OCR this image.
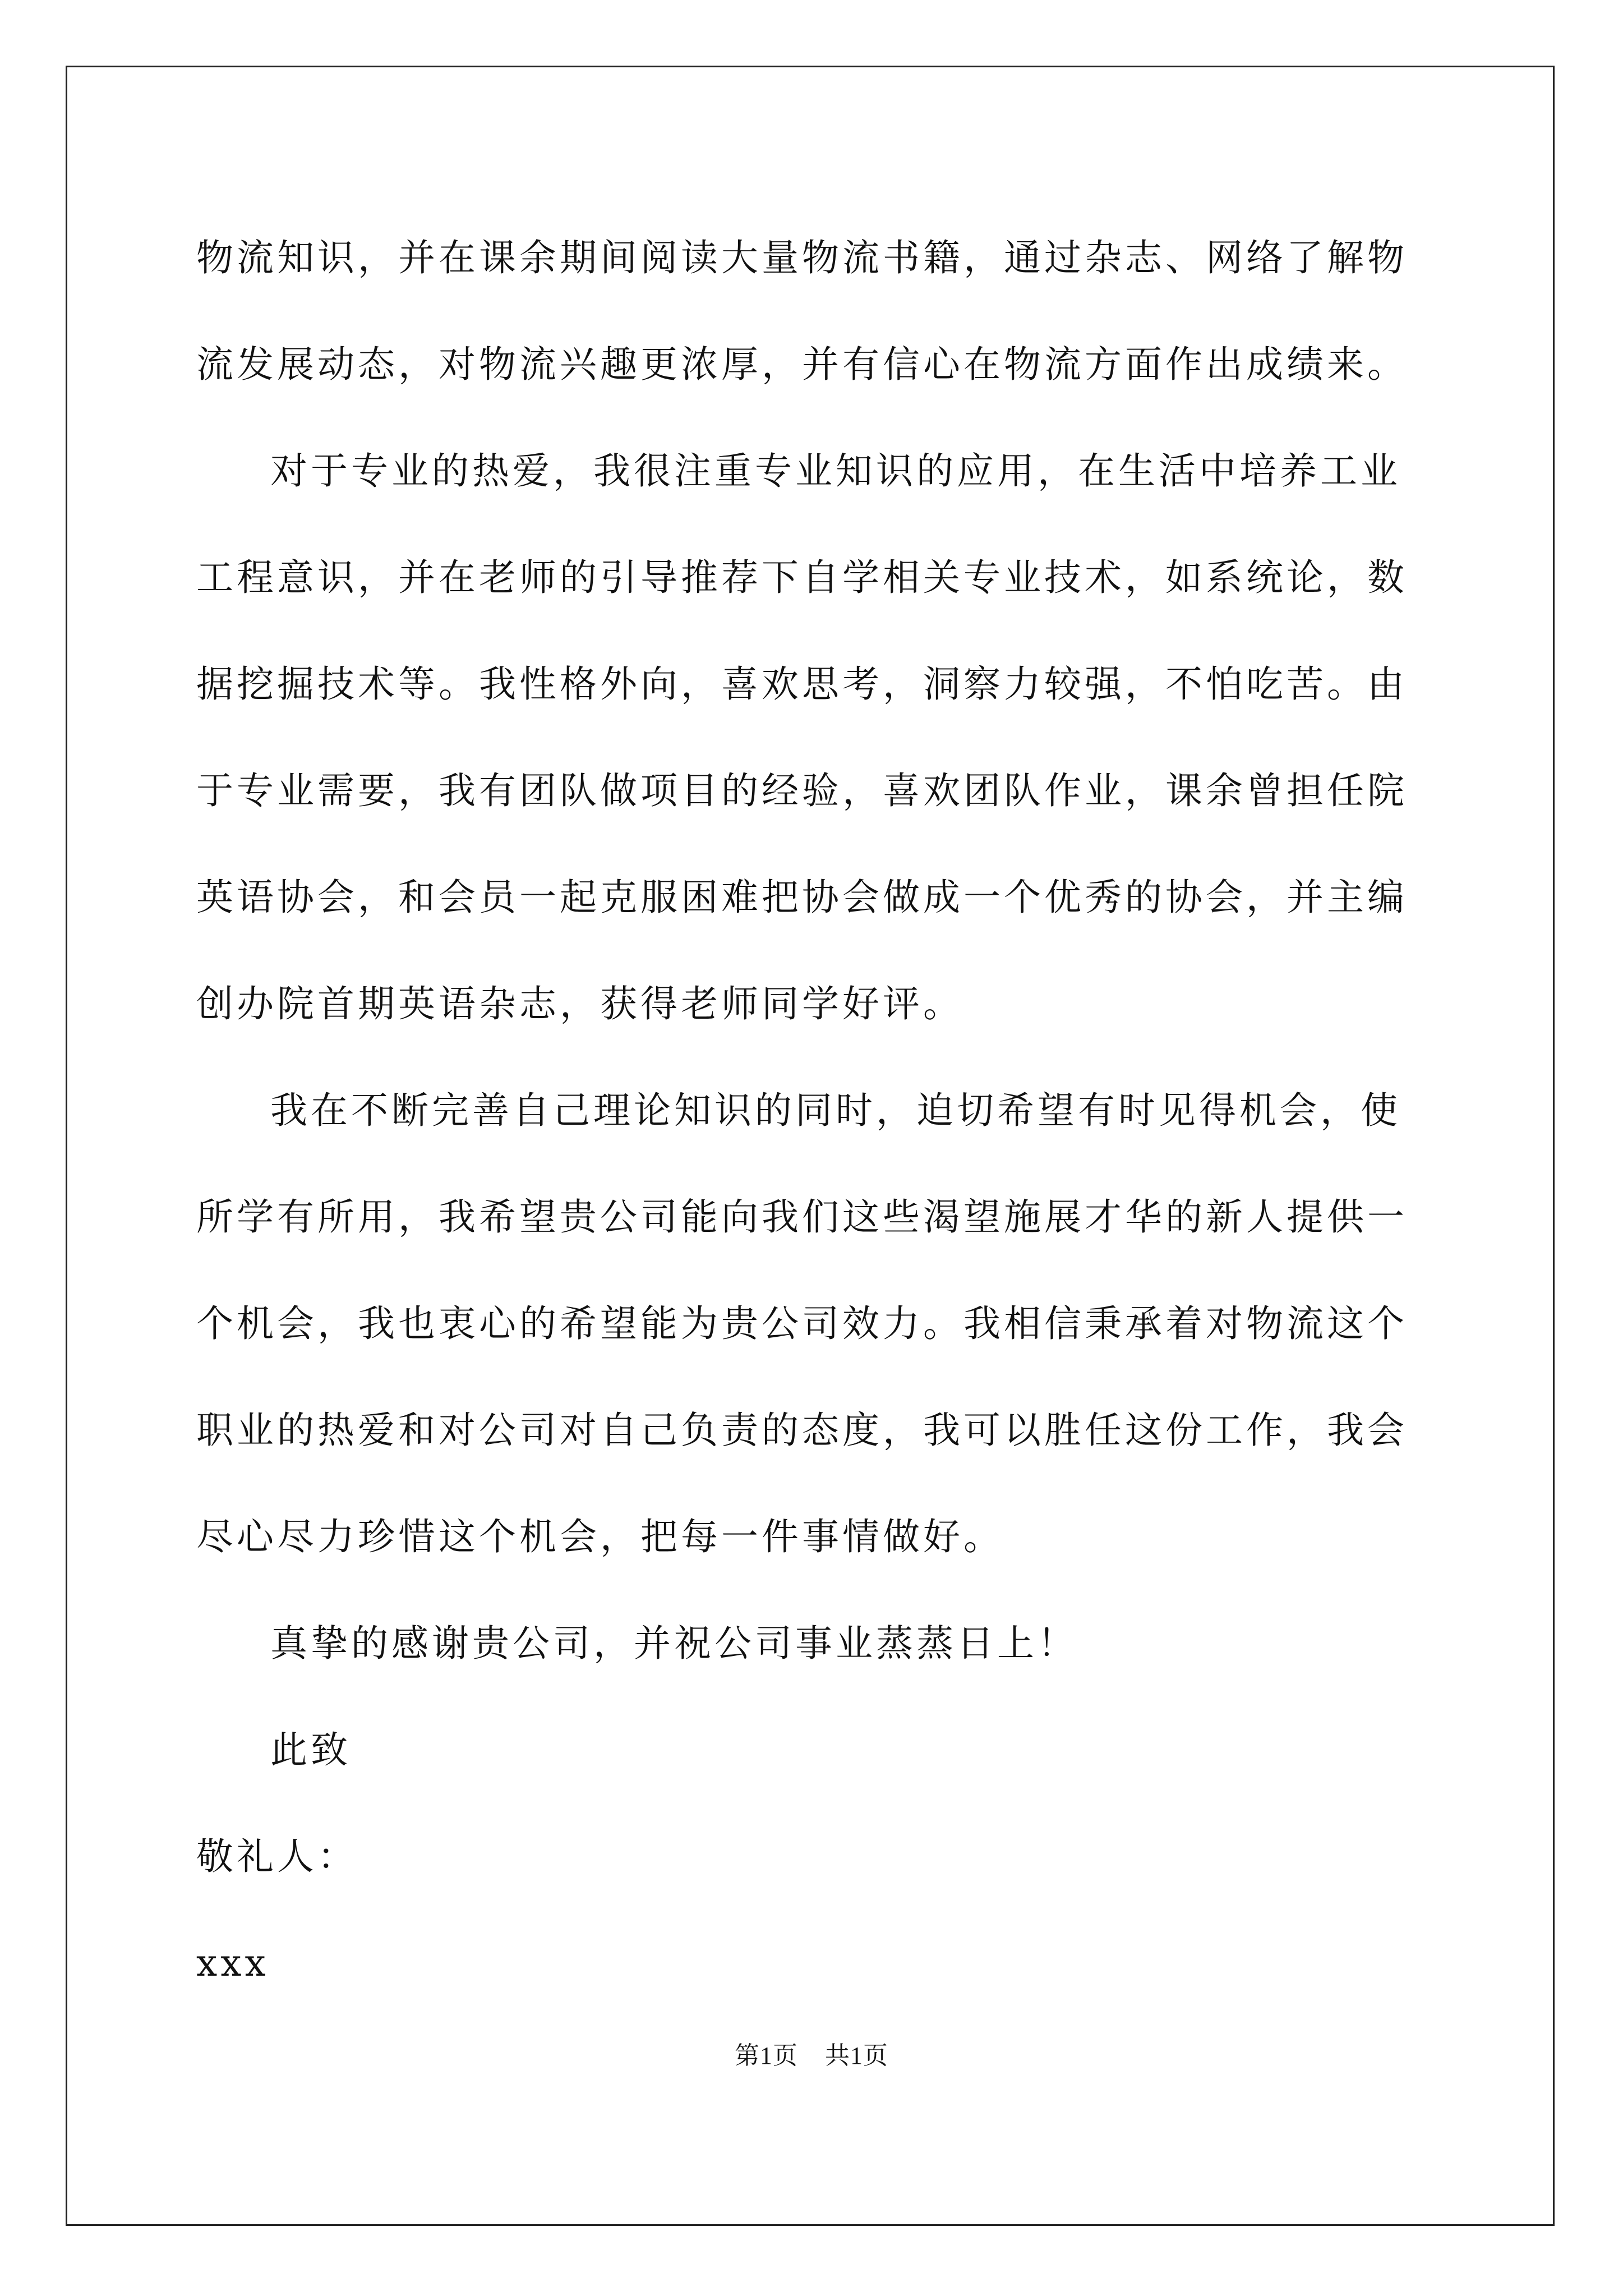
物流知识，并在课余期间阅读大量物流书籍，通过杂志、网络了解物流发展动态，对物流兴趣更浓厚，并有信心在物流方面作出成绩来。

对于专业的热爱，我很注重专业知识的应用，在生活中培养工业工程意识，并在老师的引导推荐下自学相关专业技术，如系统论，数据挖掘技术等。我性格外向，喜欢思考，洞察力较强，不怕吃苦。由于专业需要，我有团队做项目的经验，喜欢团队作业，课余曾担任院英语协会，和会员一起克服困难把协会做成一个优秀的协会，并主编创办院首期英语杂志，获得老师同学好评。

我在不断完善自己理论知识的同时，迫切希望有时见得机会，使所学有所用，我希望贵公司能向我们这些渴望施展才华的新人提供一个机会，我也衷心的希望能为贵公司效力。我相信秉承着对物流这个职业的热爱和对公司对自己负责的态度，我可以胜任这份工作，我会尽心尽力珍惜这个机会，把每一件事情做好。

真挚的感谢贵公司，并祝公司事业蒸蒸日上！

此致

敬礼人：

xxx

第1页 共1页
